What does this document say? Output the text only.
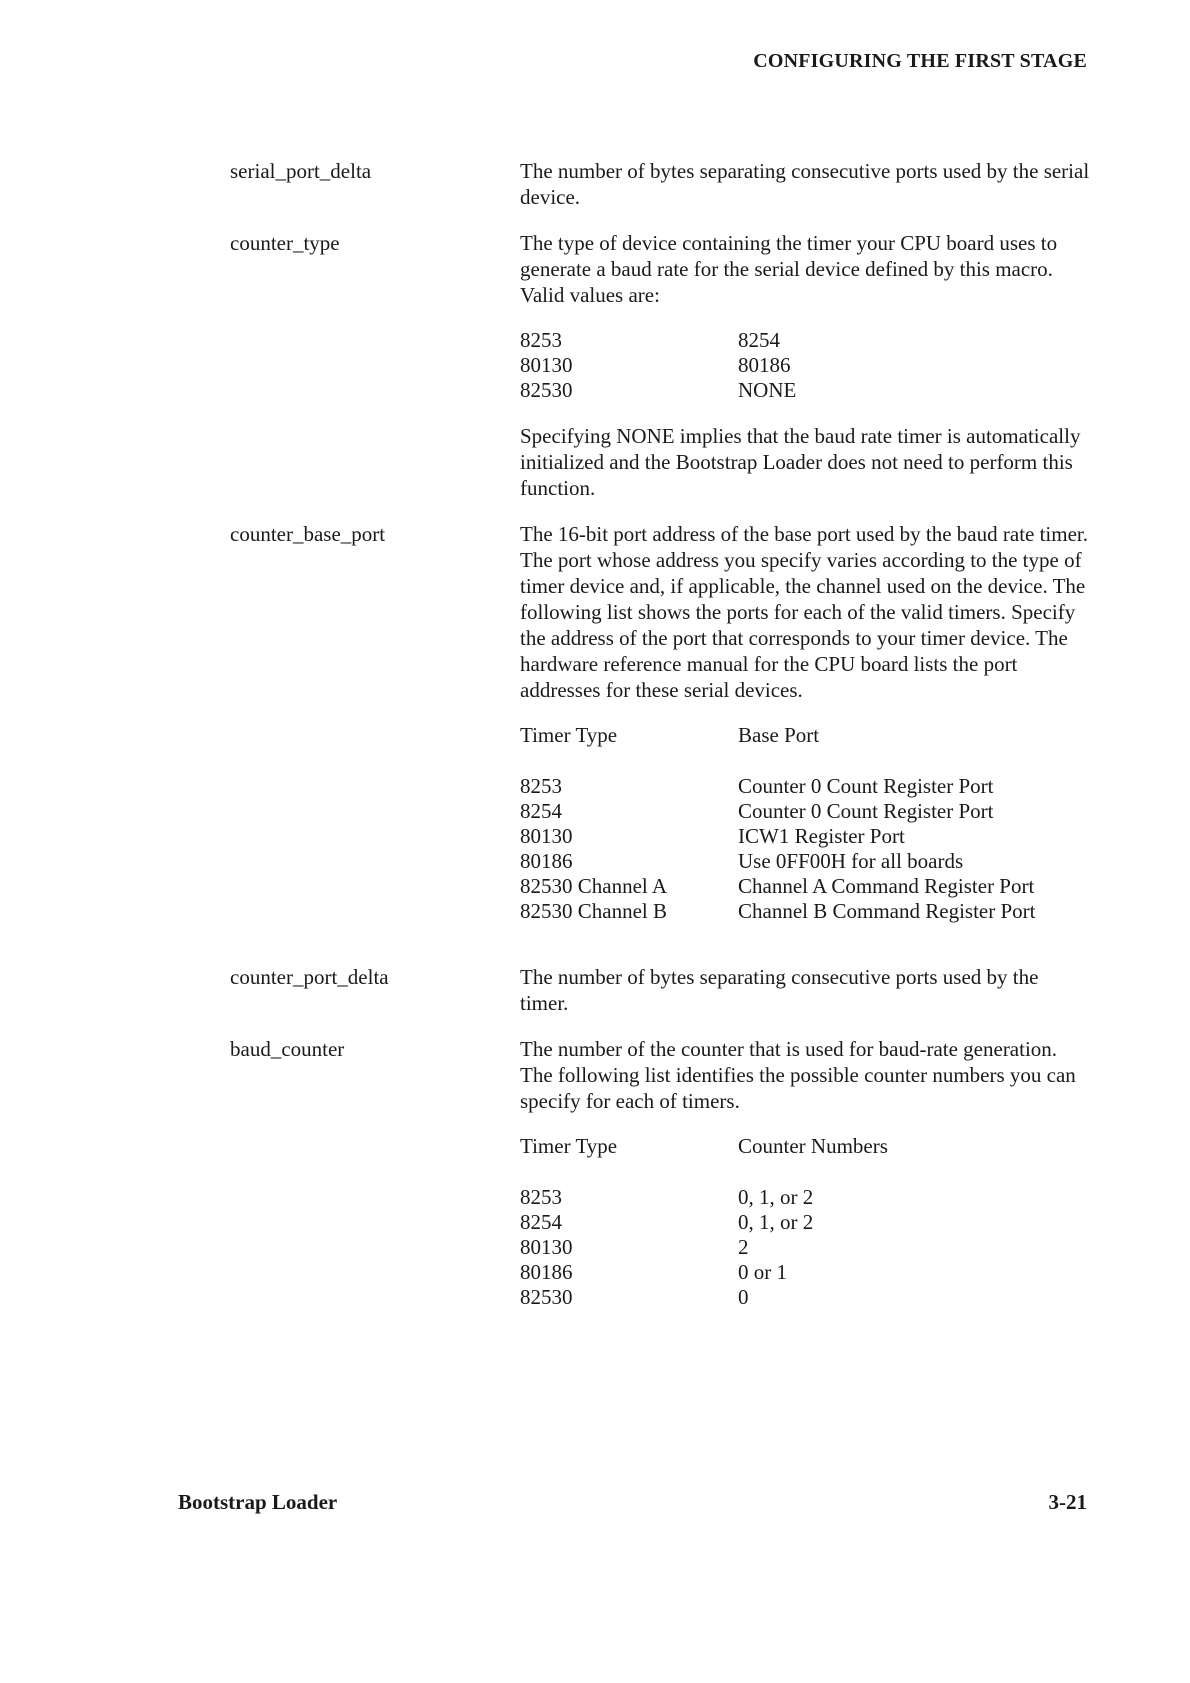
CONFIGURING THE FIRST STAGE
serial_port_delta	The number of bytes separating consecutive ports used by the serial device.

counter_type	The type of device containing the timer your CPU board uses to generate a baud rate for the serial device defined by this macro. Valid values are:

8253	8254
80130	80186
82530	NONE

Specifying NONE implies that the baud rate timer is automatically initialized and the Bootstrap Loader does not need to perform this function.

counter_base_port	The 16-bit port address of the base port used by the baud rate timer. The port whose address you specify varies according to the type of timer device and, if applicable, the channel used on the device. The following list shows the ports for each of the valid timers. Specify the address of the port that corresponds to your timer device. The hardware reference manual for the CPU board lists the port addresses for these serial devices.

Timer Type	Base Port
8253	Counter 0 Count Register Port
8254	Counter 0 Count Register Port
80130	ICW1 Register Port
80186	Use 0FF00H for all boards
82530 Channel A	Channel A Command Register Port
82530 Channel B	Channel B Command Register Port
counter_port_delta	The number of bytes separating consecutive ports used by the timer.

baud_counter	The number of the counter that is used for baud-rate generation. The following list identifies the possible counter numbers you can specify for each of timers.

Timer Type	Counter Numbers
8253	0, 1, or 2
8254	0, 1, or 2
80130	2
80186	0 or 1
82530	0
Bootstrap Loader	3-21
